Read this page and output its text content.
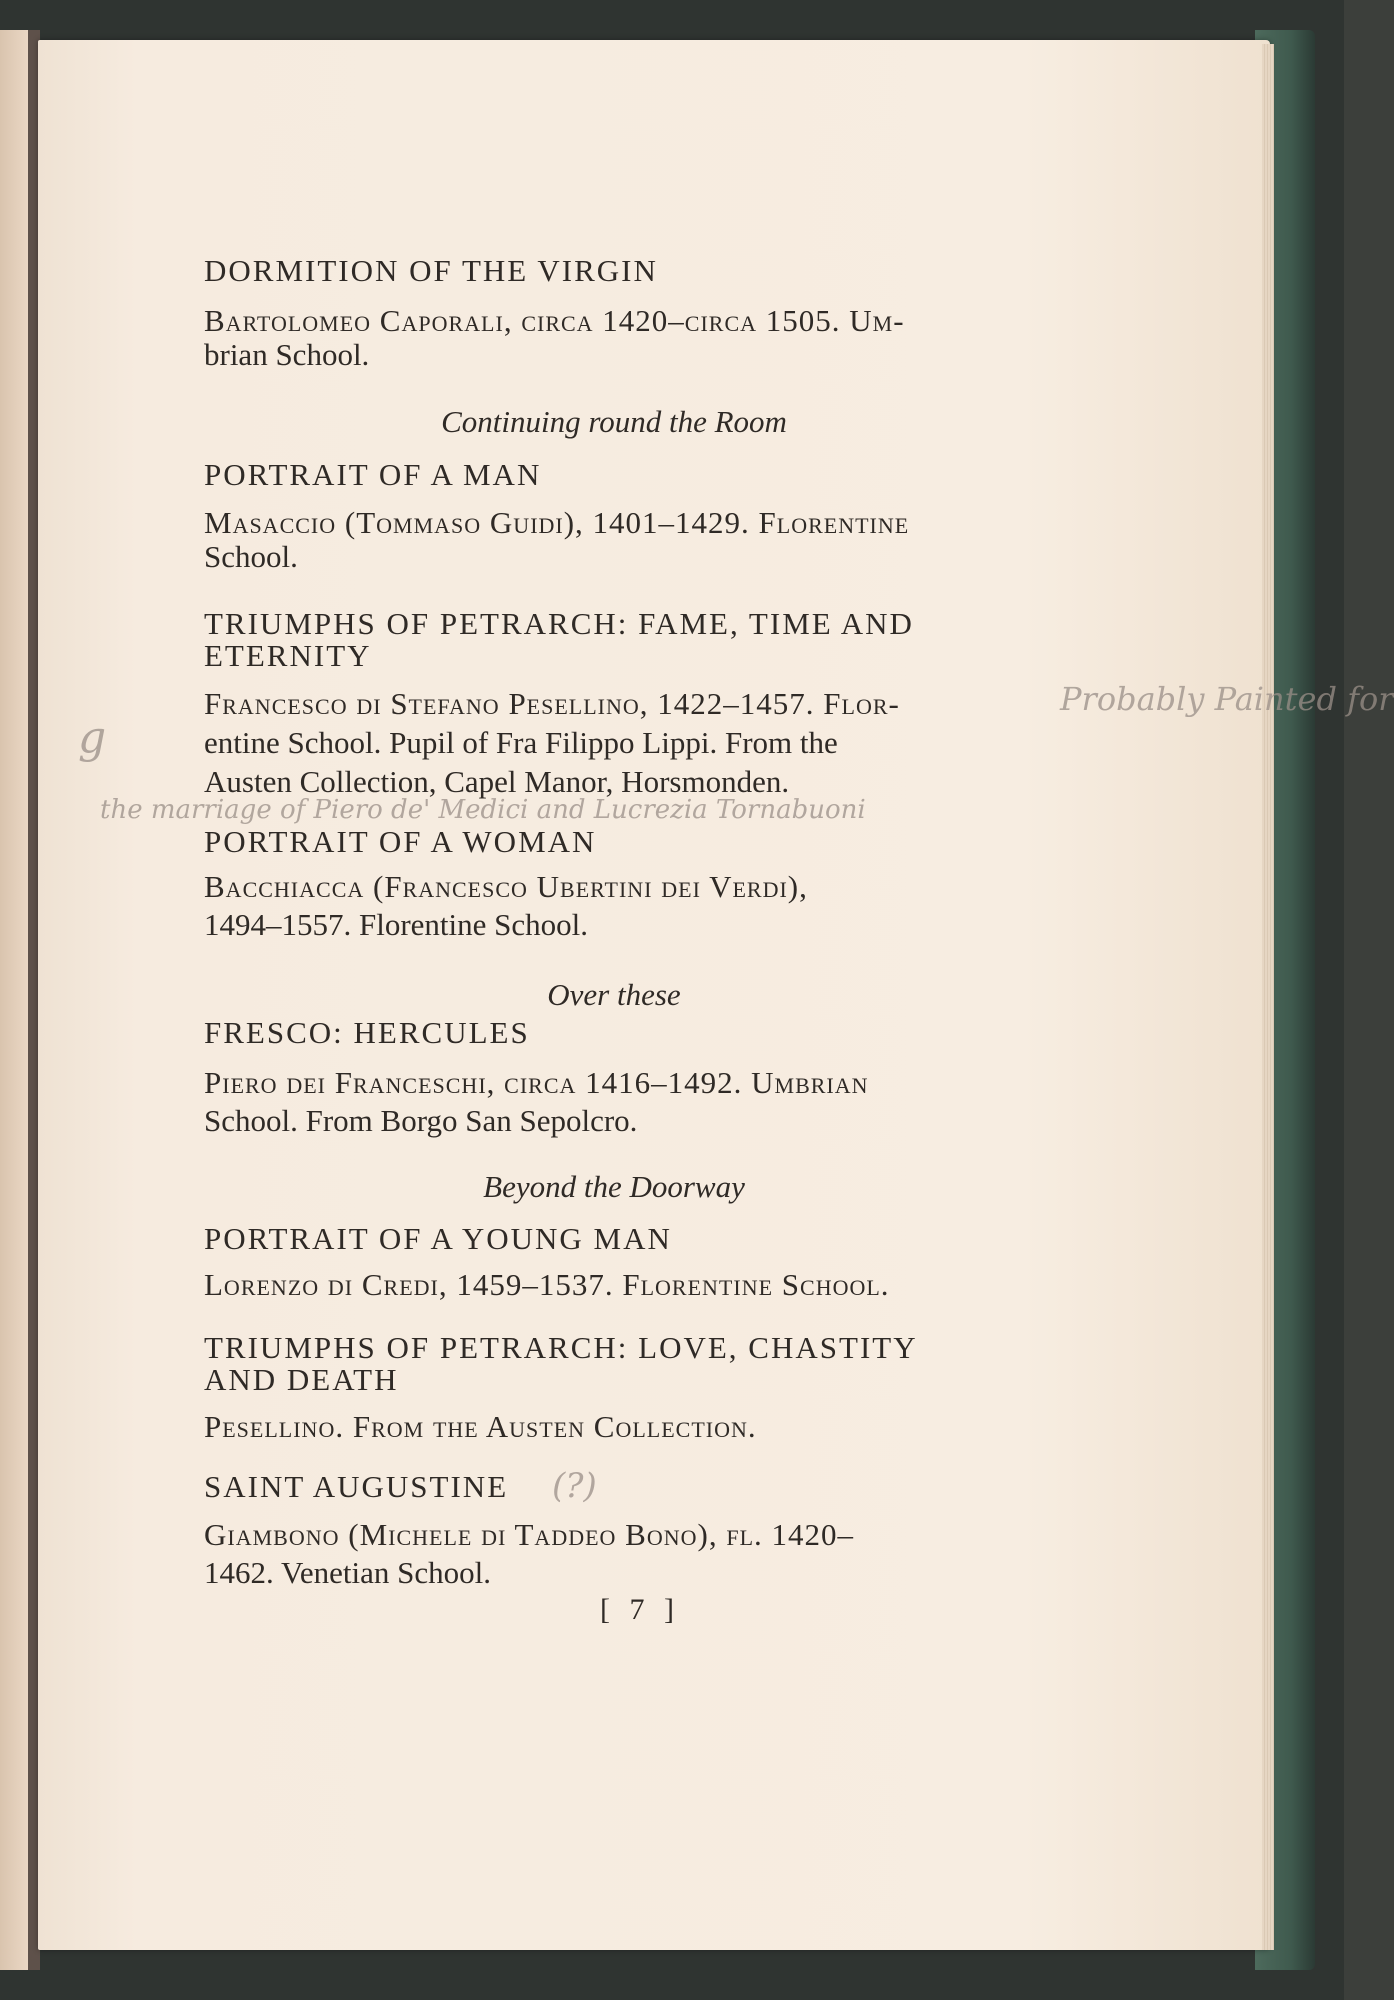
DORMITION OF THE VIRGIN
Bartolomeo Caporali, circa 1420–circa 1505. Um-
brian School.
Continuing round the Room
PORTRAIT OF A MAN
Masaccio (Tommaso Guidi), 1401–1429. Florentine
School.
TRIUMPHS OF PETRARCH: FAME, TIME AND
ETERNITY
Francesco di Stefano Pesellino, 1422–1457. Flor-
entine School. Pupil of Fra Filippo Lippi. From the
Austen Collection, Capel Manor, Horsmonden.
PORTRAIT OF A WOMAN
Bacchiacca (Francesco Ubertini dei Verdi),
1494–1557. Florentine School.
Over these
FRESCO: HERCULES
Piero dei Franceschi, circa 1416–1492. Umbrian
School. From Borgo San Sepolcro.
Beyond the Doorway
PORTRAIT OF A YOUNG MAN
Lorenzo di Credi, 1459–1537. Florentine School.
TRIUMPHS OF PETRARCH: LOVE, CHASTITY
AND DEATH
Pesellino. From the Austen Collection.
SAINT AUGUSTINE
Giambono (Michele di Taddeo Bono), fl. 1420–
1462. Venetian School.
Probably Painted for
g
the marriage of Piero de' Medici and Lucrezia Tornabuoni
(?)
[ 7 ]
